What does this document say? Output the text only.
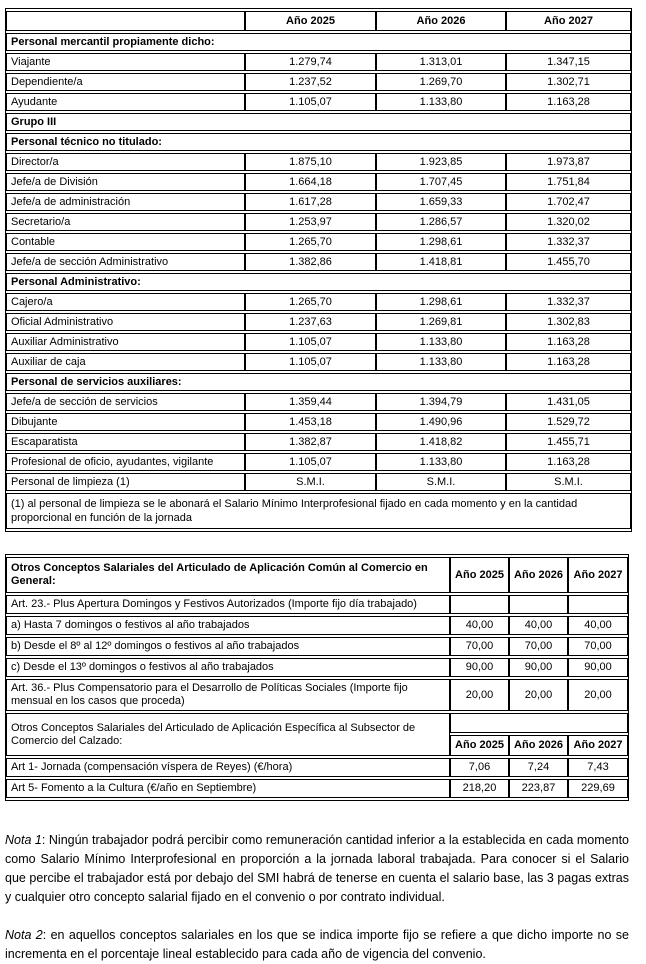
	Año 2025	Año 2026	Año 2027
Personal mercantil propiamente dicho:			
Viajante	1.279,74	1.313,01	1.347,15
Dependiente/a	1.237,52	1.269,70	1.302,71
Ayudante	1.105,07	1.133,80	1.163,28
Grupo III			
Personal técnico no titulado:			
Director/a	1.875,10	1.923,85	1.973,87
Jefe/a de División	1.664,18	1.707,45	1.751,84
Jefe/a de administración	1.617,28	1.659,33	1.702,47
Secretario/a	1.253,97	1.286,57	1.320,02
Contable	1.265,70	1.298,61	1.332,37
Jefe/a de sección Administrativo	1.382,86	1.418,81	1.455,70
Personal Administrativo:			
Cajero/a	1.265,70	1.298,61	1.332,37
Oficial Administrativo	1.237,63	1.269,81	1.302,83
Auxiliar Administrativo	1.105,07	1.133,80	1.163,28
Auxiliar de caja	1.105,07	1.133,80	1.163,28
Personal de servicios auxiliares:			
Jefe/a de sección de servicios	1.359,44	1.394,79	1.431,05
Dibujante	1.453,18	1.490,96	1.529,72
Escaparatista	1.382,87	1.418,82	1.455,71
Profesional de oficio, ayudantes, vigilante	1.105,07	1.133,80	1.163,28
Personal de limpieza (1)	S.M.I.	S.M.I.	S.M.I.
(1) al personal de limpieza se le abonará el Salario Mínimo Interprofesional fijado en cada momento y en la cantidad proporcional en función de la jornada			
Otros Conceptos Salariales del Articulado de Aplicación Común al Comercio en General:	Año 2025	Año 2026	Año 2027
Art. 23.- Plus Apertura Domingos y Festivos Autorizados (Importe fijo día trabajado)			
a) Hasta 7 domingos o festivos al año trabajados	40,00	40,00	40,00
b) Desde el 8º al 12º domingos o festivos al año trabajados	70,00	70,00	70,00
c) Desde el 13º domingos o festivos al año trabajados	90,00	90,00	90,00
Art. 36.- Plus Compensatorio para el Desarrollo de Políticas Sociales (Importe fijo mensual en los casos que proceda)	20,00	20,00	20,00
Otros Conceptos Salariales del Articulado de Aplicación Específica al Subsector de Comercio del Calzado:			
	Año 2025	Año 2026	Año 2027
Art 1- Jornada (compensación víspera de Reyes) (€/hora)	7,06	7,24	7,43
Art 5- Fomento a la Cultura (€/año en Septiembre)	218,20	223,87	229,69

Nota 1: Ningún trabajador podrá percibir como remuneración cantidad inferior a la establecida en cada momento como Salario Mínimo Interprofesional en proporción a la jornada laboral trabajada. Para conocer si el Salario que percibe el trabajador está por debajo del SMI habrá de tenerse en cuenta el salario base, las 3 pagas extras y cualquier otro concepto salarial fijado en el convenio o por contrato individual.

Nota 2: en aquellos conceptos salariales en los que se indica importe fijo se refiere a que dicho importe no se incrementa en el porcentaje lineal establecido para cada año de vigencia del convenio.
